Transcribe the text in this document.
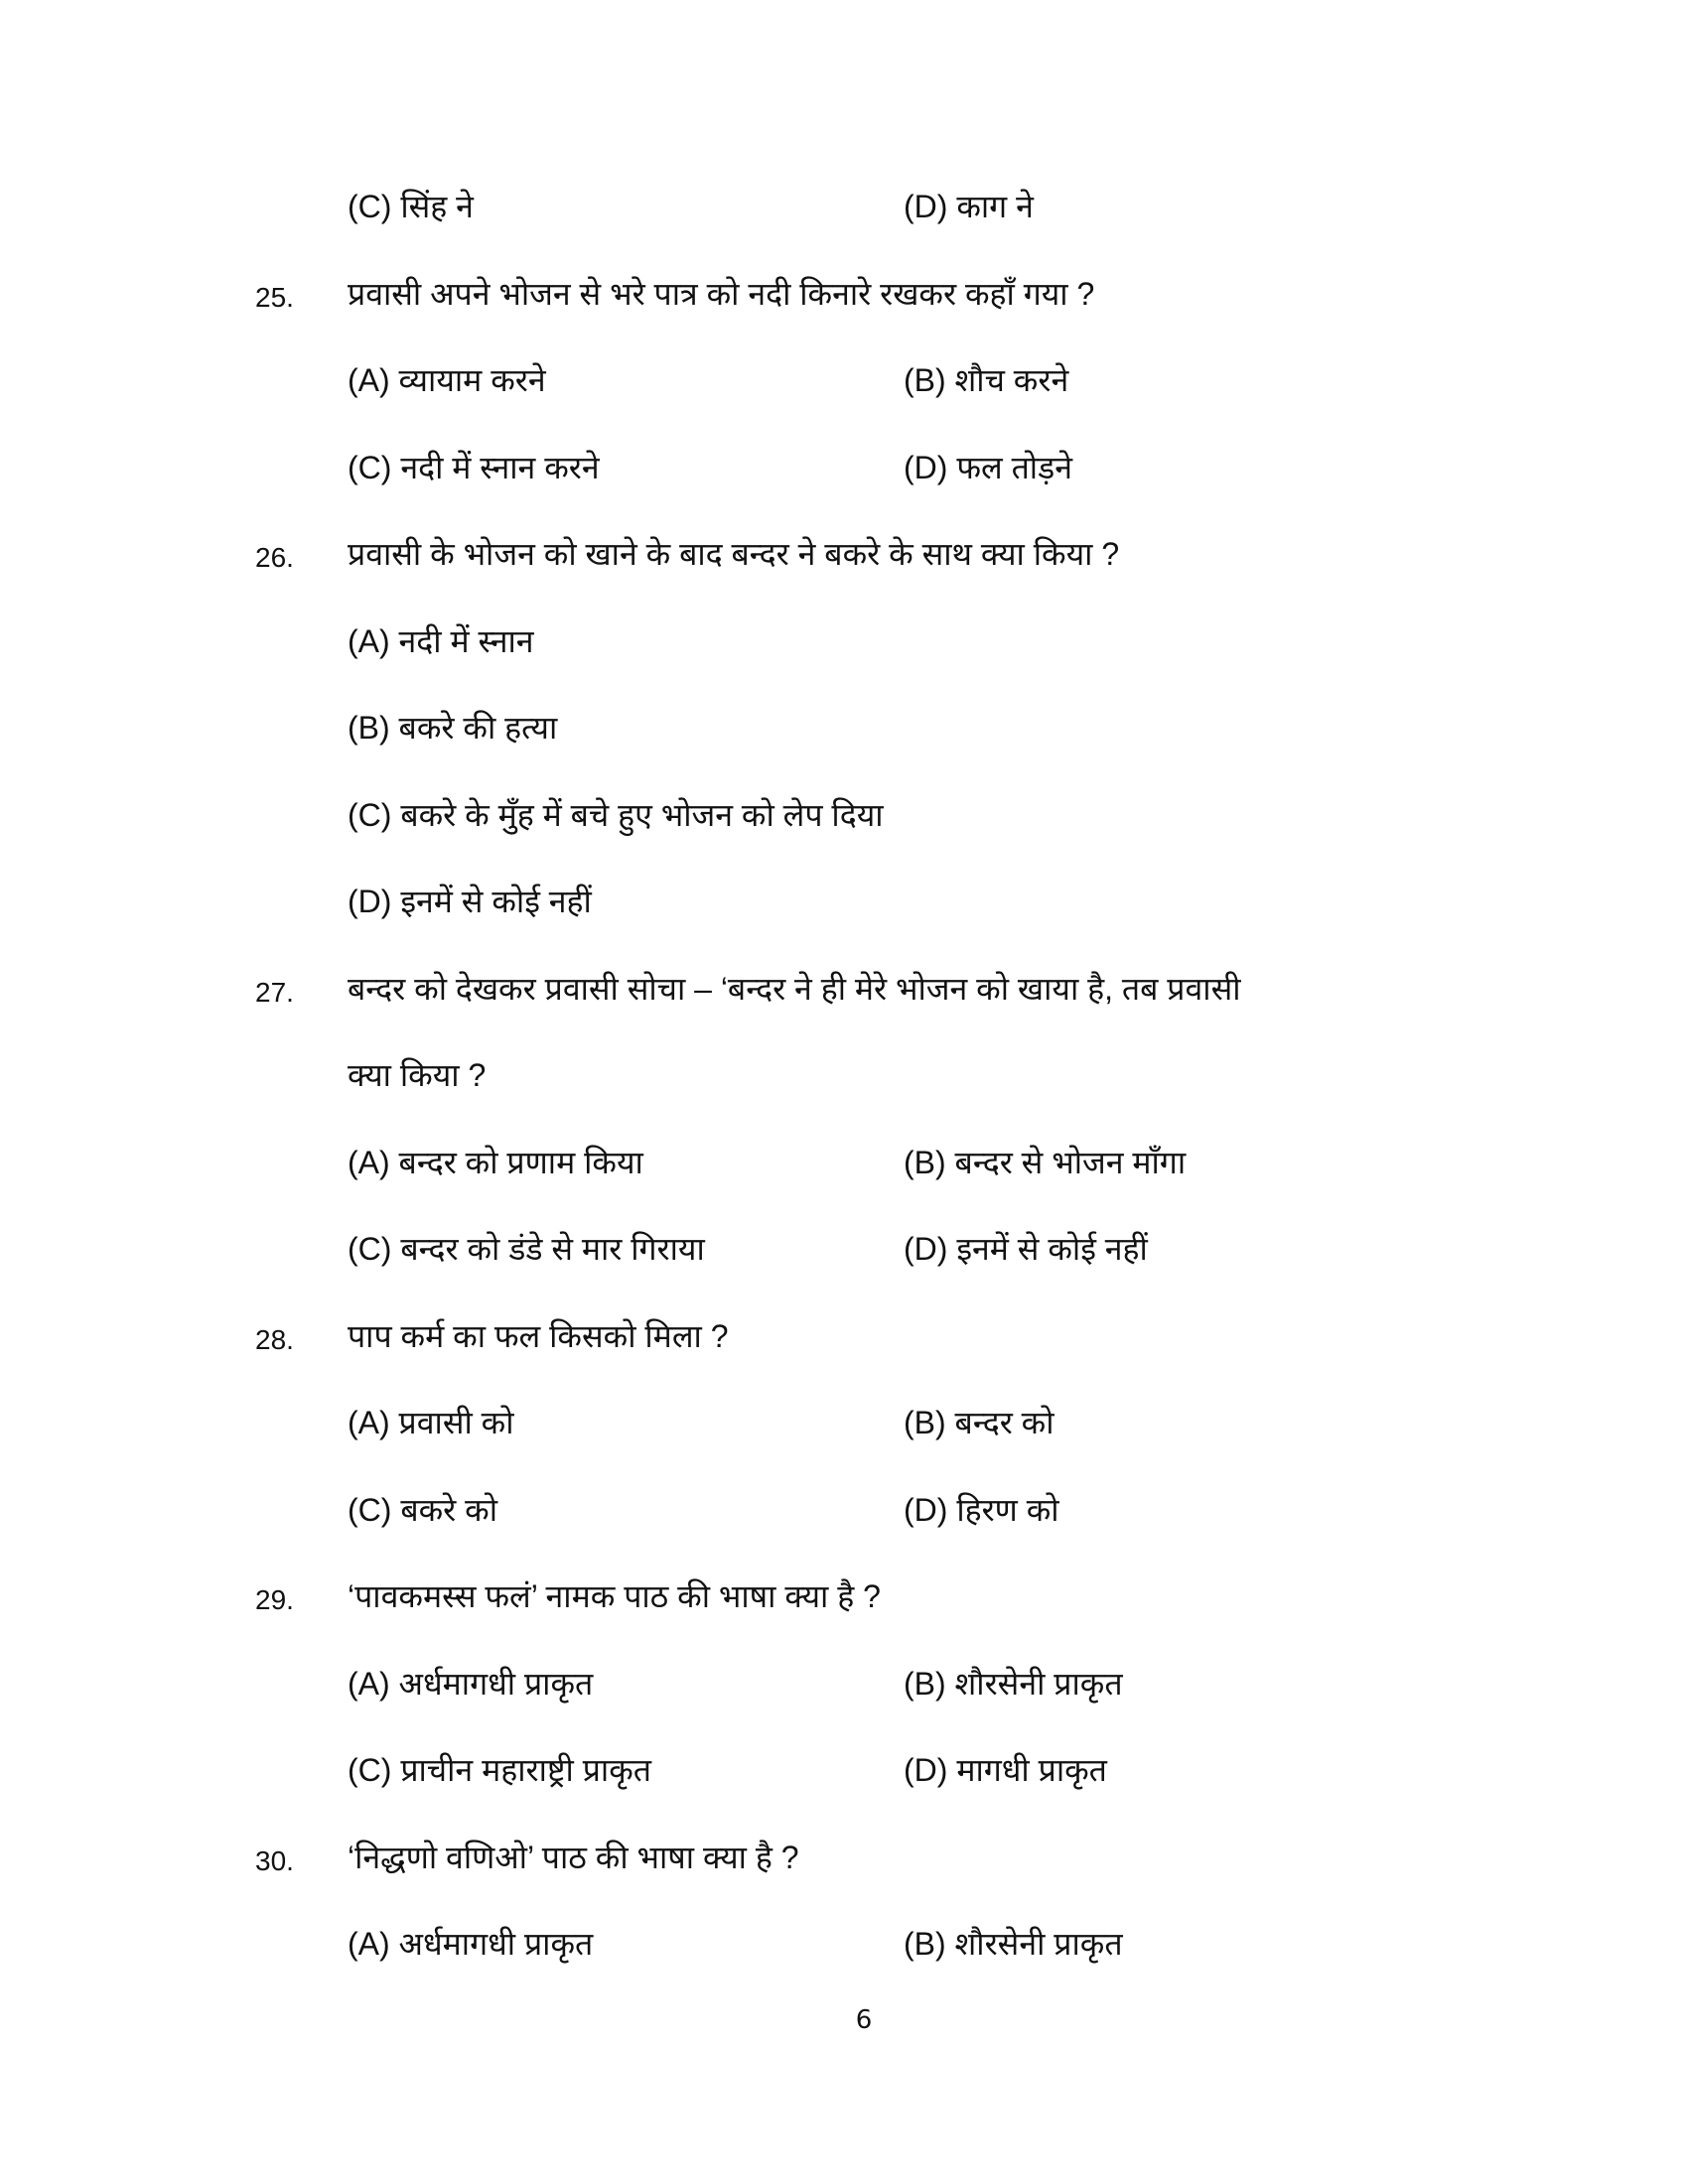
6
(C) सिंह ने	(D) काग ने
25. प्रवासी अपने भोजन से भरे पात्र को नदी किनारे रखकर कहाँ गया ?
(A) व्यायाम करने	(B) शौच करने
(C) नदी में स्नान करने	(D) फल तोड़ने
26. प्रवासी के भोजन को खाने के बाद बन्दर ने बकरे के साथ क्या किया ?
(A) नदी में स्नान
(B) बकरे की हत्या
(C) बकरे के मुँह में बचे हुए भोजन को लेप दिया
(D) इनमें से कोई नहीं
27. बन्दर को देखकर प्रवासी सोचा – ‘बन्दर ने ही मेरे भोजन को खाया है, तब प्रवासी
क्या किया ?
(A) बन्दर को प्रणाम किया	(B) बन्दर से भोजन माँगा
(C) बन्दर को डंडे से मार गिराया	(D) इनमें से कोई नहीं
28. पाप कर्म का फल किसको मिला ?
(A) प्रवासी को	(B) बन्दर को
(C) बकरे को	(D) हिरण को
29. ‘पावकमस्स फलं’ नामक पाठ की भाषा क्या है ?
(A) अर्धमागधी प्राकृत	(B) शौरसेनी प्राकृत
(C) प्राचीन महाराष्ट्री प्राकृत	(D) मागधी प्राकृत
30. ‘निद्धणो वणिओ’ पाठ की भाषा क्या है ?
(A) अर्धमागधी प्राकृत	(B) शौरसेनी प्राकृत
